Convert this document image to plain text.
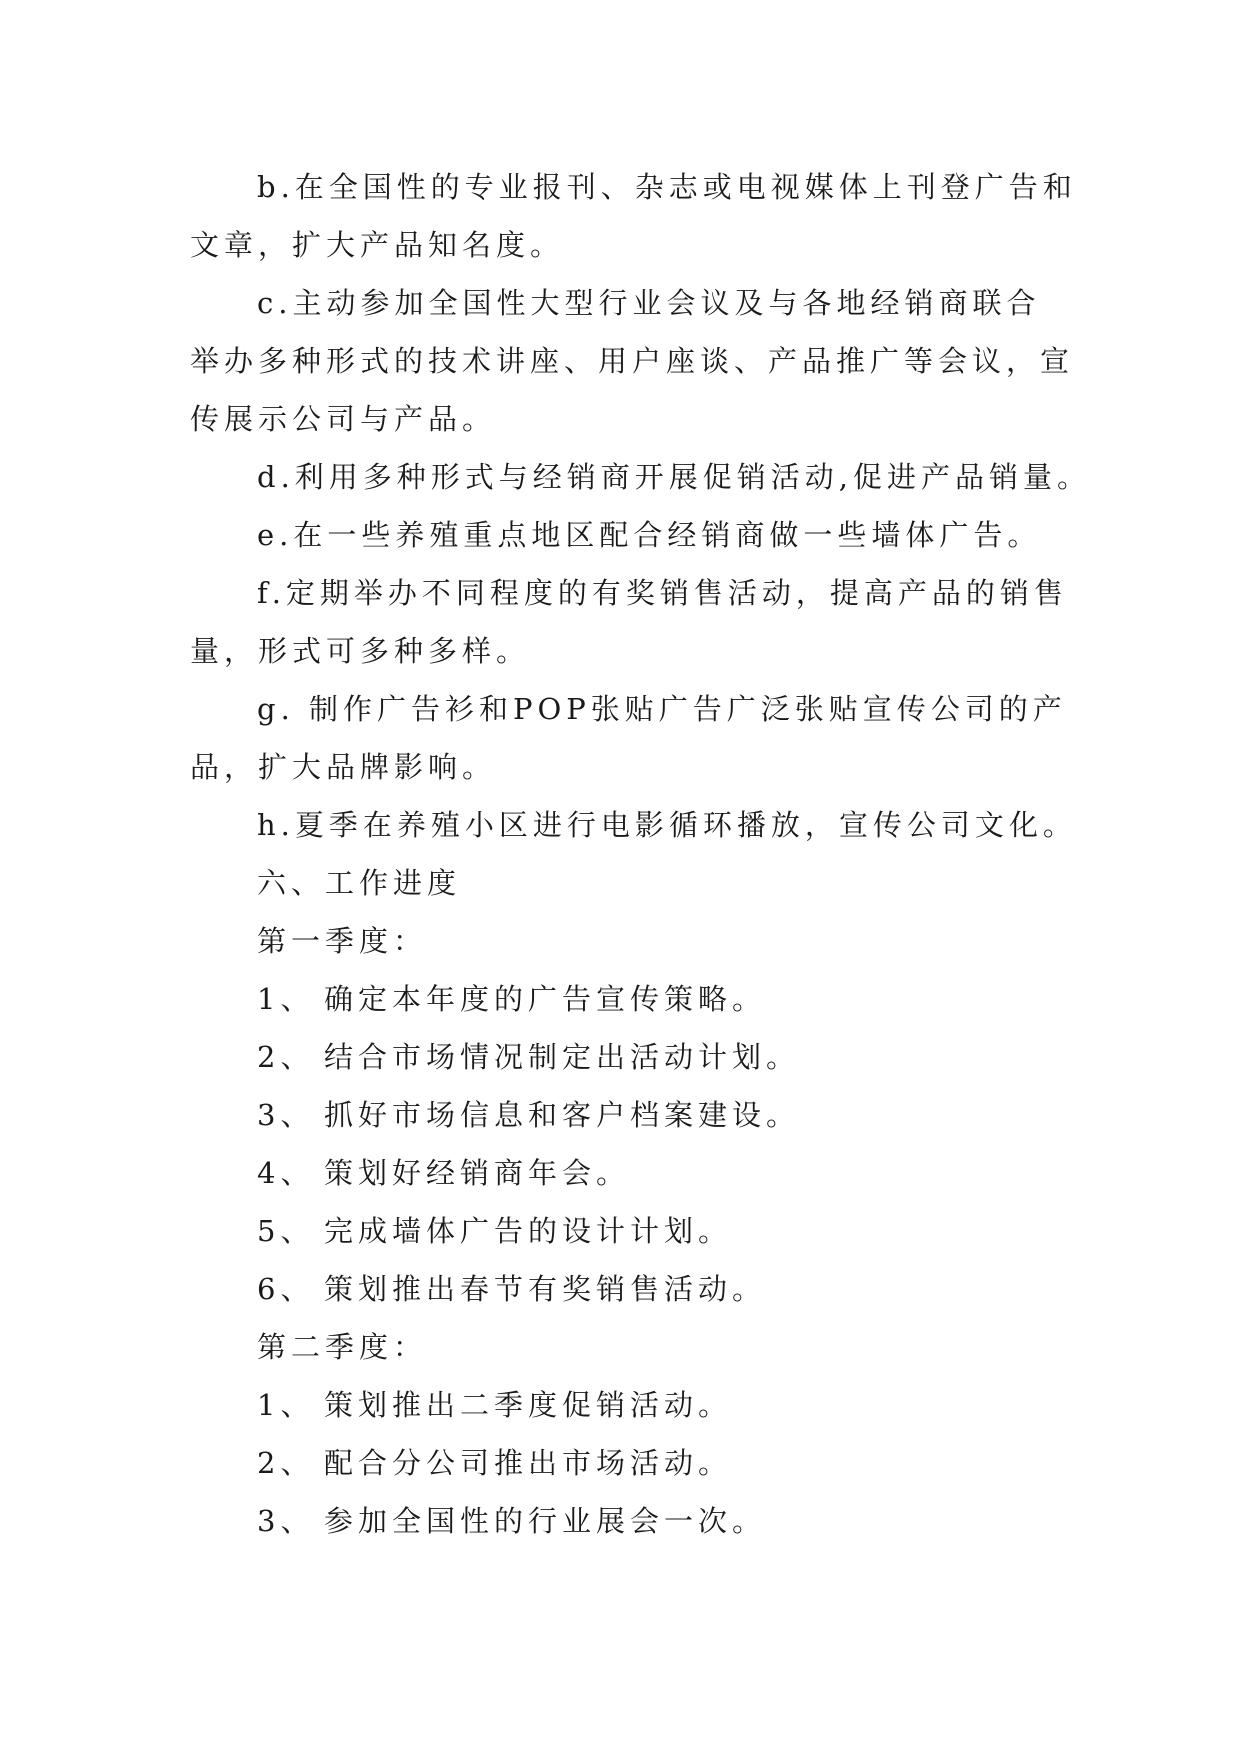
b.在全国性的专业报刊、杂志或电视媒体上刊登广告和
文章，扩大产品知名度。
c.主动参加全国性大型行业会议及与各地经销商联合
举办多种形式的技术讲座、用户座谈、产品推广等会议，宣
传展示公司与产品。
d.利用多种形式与经销商开展促销活动,促进产品销量。
e.在一些养殖重点地区配合经销商做一些墙体广告。
f.定期举办不同程度的有奖销售活动，提高产品的销售
量，形式可多种多样。
g. 制作广告衫和POP张贴广告广泛张贴宣传公司的产
品，扩大品牌影响。
h.夏季在养殖小区进行电影循环播放，宣传公司文化。
六、工作进度
第一季度：
1、 确定本年度的广告宣传策略。
2、 结合市场情况制定出活动计划。
3、 抓好市场信息和客户档案建设。
4、 策划好经销商年会。
5、 完成墙体广告的设计计划。
6、 策划推出春节有奖销售活动。
第二季度：
1、 策划推出二季度促销活动。
2、 配合分公司推出市场活动。
3、 参加全国性的行业展会一次。
